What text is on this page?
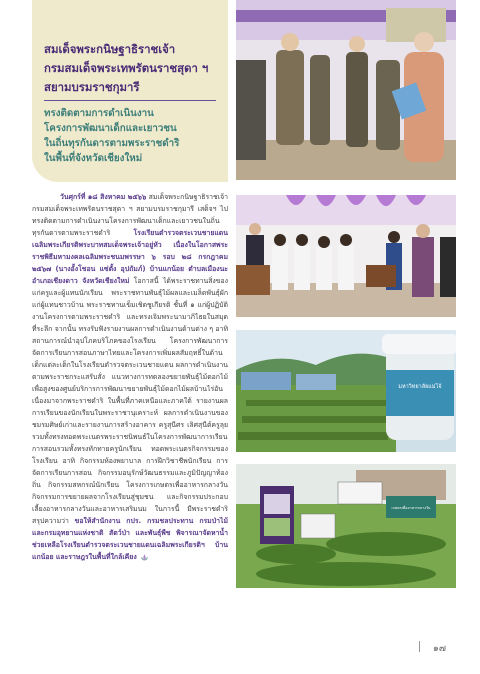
สมเด็จพระกนิษฐาธิราชเจ้า

กรมสมเด็จพระเทพรัตนราชสุดา ฯ

สยามบรมราชกุมารี

ทรงติดตามการดำเนินงาน

โครงการพัฒนาเด็กและเยาวชน

ในถิ่นทุรกันดารตามพระราชดำริ

ในพื้นที่จังหวัดเชียงใหม่

วันศุกร์ที่ ๑๘ สิงหาคม ๒๕๖๖ สมเด็จพระกนิษฐาธิราชเจ้า กรมสมเด็จพระเทพรัตนราชสุดา ฯ สยามบรมราชกุมารี เสด็จฯ ไปทรงติดตามการดำเนินงานโครงการพัฒนาเด็กและเยาวชนในถิ่นทุรกันดารตามพระราชดำริ โรงเรียนตำรวจตระเวนชายแดนเฉลิมพระเกียรติพระบาทสมเด็จพระเจ้าอยู่หัว เนื่องในโอกาสพระราชพิธีมหามงคลเฉลิมพระชนมพรรษา ๖ รอบ ๒๘ กรกฎาคม ๒๕๖๗ (นางอั้งโชอน แซ่ตั้ง อุปถัมภ์) บ้านแกน้อย ตำบลเมืองนะ อำเภอเชียงดาว จังหวัดเชียงใหม่ โอกาสนี้ ได้พระราชทานสิ่งของแก่ครูและผู้แทนนักเรียน พระราชทานพันธุ์ไม้ผลและเมล็ดพันธุ์ผักแก่ผู้แทนชาวบ้าน พระราชทานเข็มเชิดชูเกียรติ ชั้นที่ ๑ แก่ผู้ปฏิบัติงานโครงการตามพระราชดำริ และทรงเจิมพระนามาภิไธยในสมุดที่ระลึก จากนั้น ทรงรับฟังรายงานผลการดำเนินงานด้านต่าง ๆ อาทิ สถานการณ์นำอุปโภคบริโภคของโรงเรียน โครงการพัฒนาการจัดการเรียนการสอนภาษาไทยและโครงการเพิ่มผลสัมฤทธิ์ในด้านเด็กแต่ละเด็กในโรงเรียนตำรวจตระเวนชายแดน ผลการดำเนินงานตามพระราชกระแสรับสั่ง แนวทางการทดลองขยายพันธุ์ไม้ดอกไม้เพื่อสูงของศูนย์บริการการพัฒนาขยายพันธุ์ไม้ดอกไม้ผลบ้านไร่อันเนื่องมาจากพระราชดำริ ในพื้นที่ภาคเหนือและภาคใต้ รายงานผลการเรียนของนักเรียนในพระราชานุเคราะห์ ผลการดำเนินงานของชมรมศิษย์เก่าและรายงานการสร้างอาคาร ครูสุนีศร เลิศสุนีต์ครูลุย รวมทั้งทรงทอดพระเนตรพระราชนิพนธ์ในโครงการพัฒนาการเรียนการสอนรวมทั้งทรงทักทายครูนักเรียน ทอดพระเนตรกิจกรรมของโรงเรียน อาทิ กิจกรรมห้องพยาบาล การฝึกวิชาชีพนักเรียน การจัดการเรียนการสอน กิจกรรมอนุรักษ์วัฒนธรรมและภูมิปัญญาท้องถิ่น กิจกรรมสหกรณ์นักเรียน โครงการเกษตรเพื่ออาหารกลางวัน กิจกรรมการขยายผลจากโรงเรียนสู่ชุมชน และกิจกรรมประกอบเลี้ยงอาหารกลางวันและอาหารเสริมนม ในการนี้ มีพระราชดำริสรุปความว่า ขอให้สำนักงาน กปร. กรมชลประทาน กรมป่าไม้ และกรมอุทยานแห่งชาติ สัตว์ป่า และพันธุ์พืช พิจารณาจัดหาน้ำช่วยเหลือโรงเรียนตำรวจตระเวนชายแดนเฉลิมพระเกียรติฯ บ้านแกน้อย และราษฎรในพื้นที่ใกล้เคียง

มหาวิทยาลัยแม่โจ้
เกษตรเพื่ออาหารกลางวัน
๑๗
